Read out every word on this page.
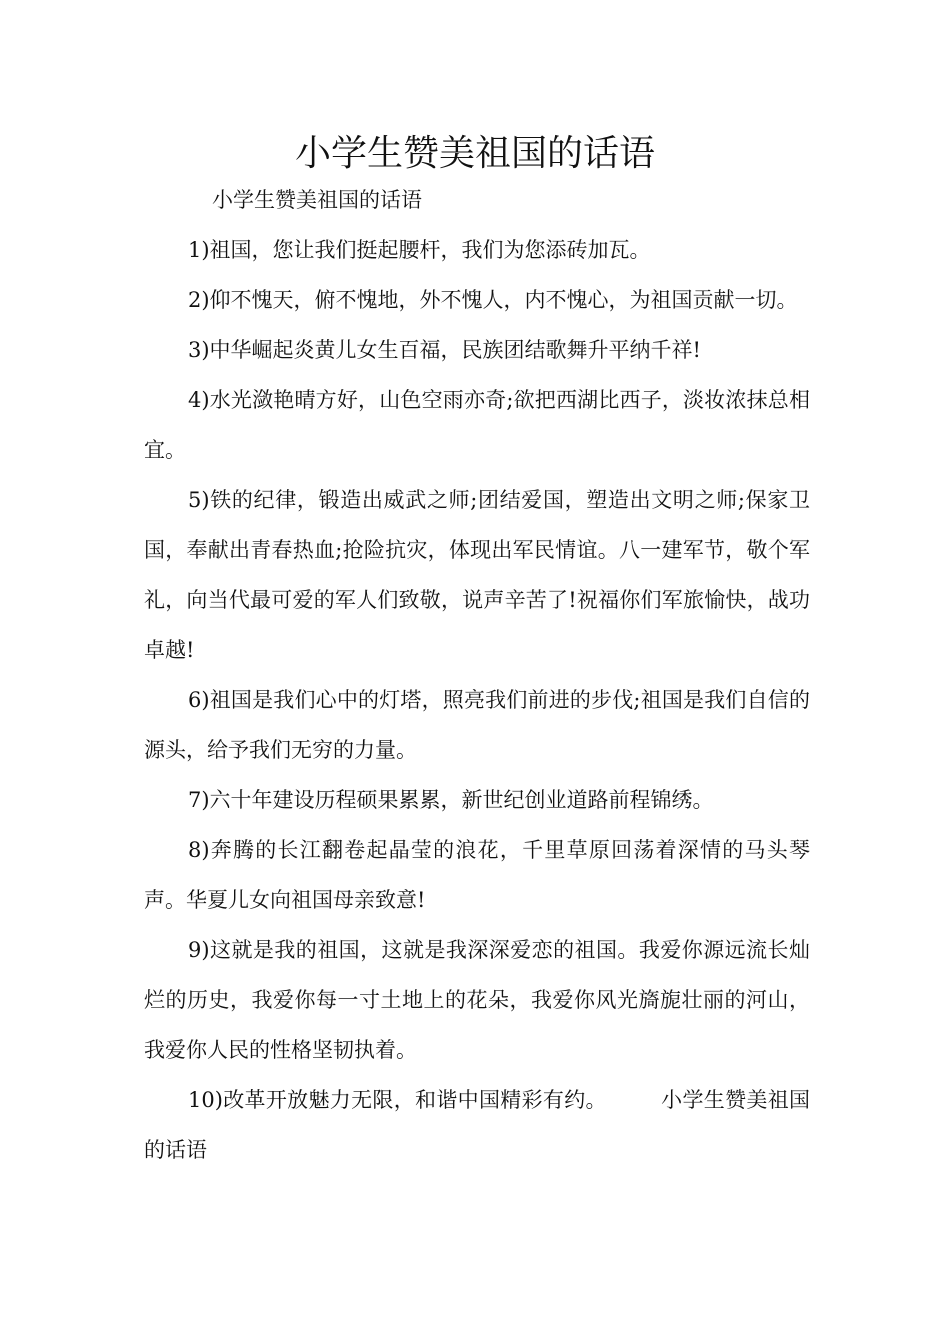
小学生赞美祖国的话语

小学生赞美祖国的话语

1)祖国，您让我们挺起腰杆，我们为您添砖加瓦。

2)仰不愧天，俯不愧地，外不愧人，内不愧心，为祖国贡献一切。

3)中华崛起炎黄儿女生百福，民族团结歌舞升平纳千祥!

4)水光潋艳晴方好，山色空雨亦奇;欲把西湖比西子，淡妆浓抹总相宜。

5)铁的纪律，锻造出威武之师;团结爱国，塑造出文明之师;保家卫国，奉献出青春热血;抢险抗灾，体现出军民情谊。八一建军节，敬个军礼，向当代最可爱的军人们致敬，说声辛苦了!祝福你们军旅愉快，战功卓越!

6)祖国是我们心中的灯塔，照亮我们前进的步伐;祖国是我们自信的源头，给予我们无穷的力量。

7)六十年建设历程硕果累累，新世纪创业道路前程锦绣。

8)奔腾的长江翻卷起晶莹的浪花，千里草原回荡着深情的马头琴声。华夏儿女向祖国母亲致意!

9)这就是我的祖国，这就是我深深爱恋的祖国。我爱你源远流长灿烂的历史，我爱你每一寸土地上的花朵，我爱你风光旖旎壮丽的河山，我爱你人民的性格坚韧执着。

10)改革开放魅力无限，和谐中国精彩有约。	小学生赞美祖国的话语
